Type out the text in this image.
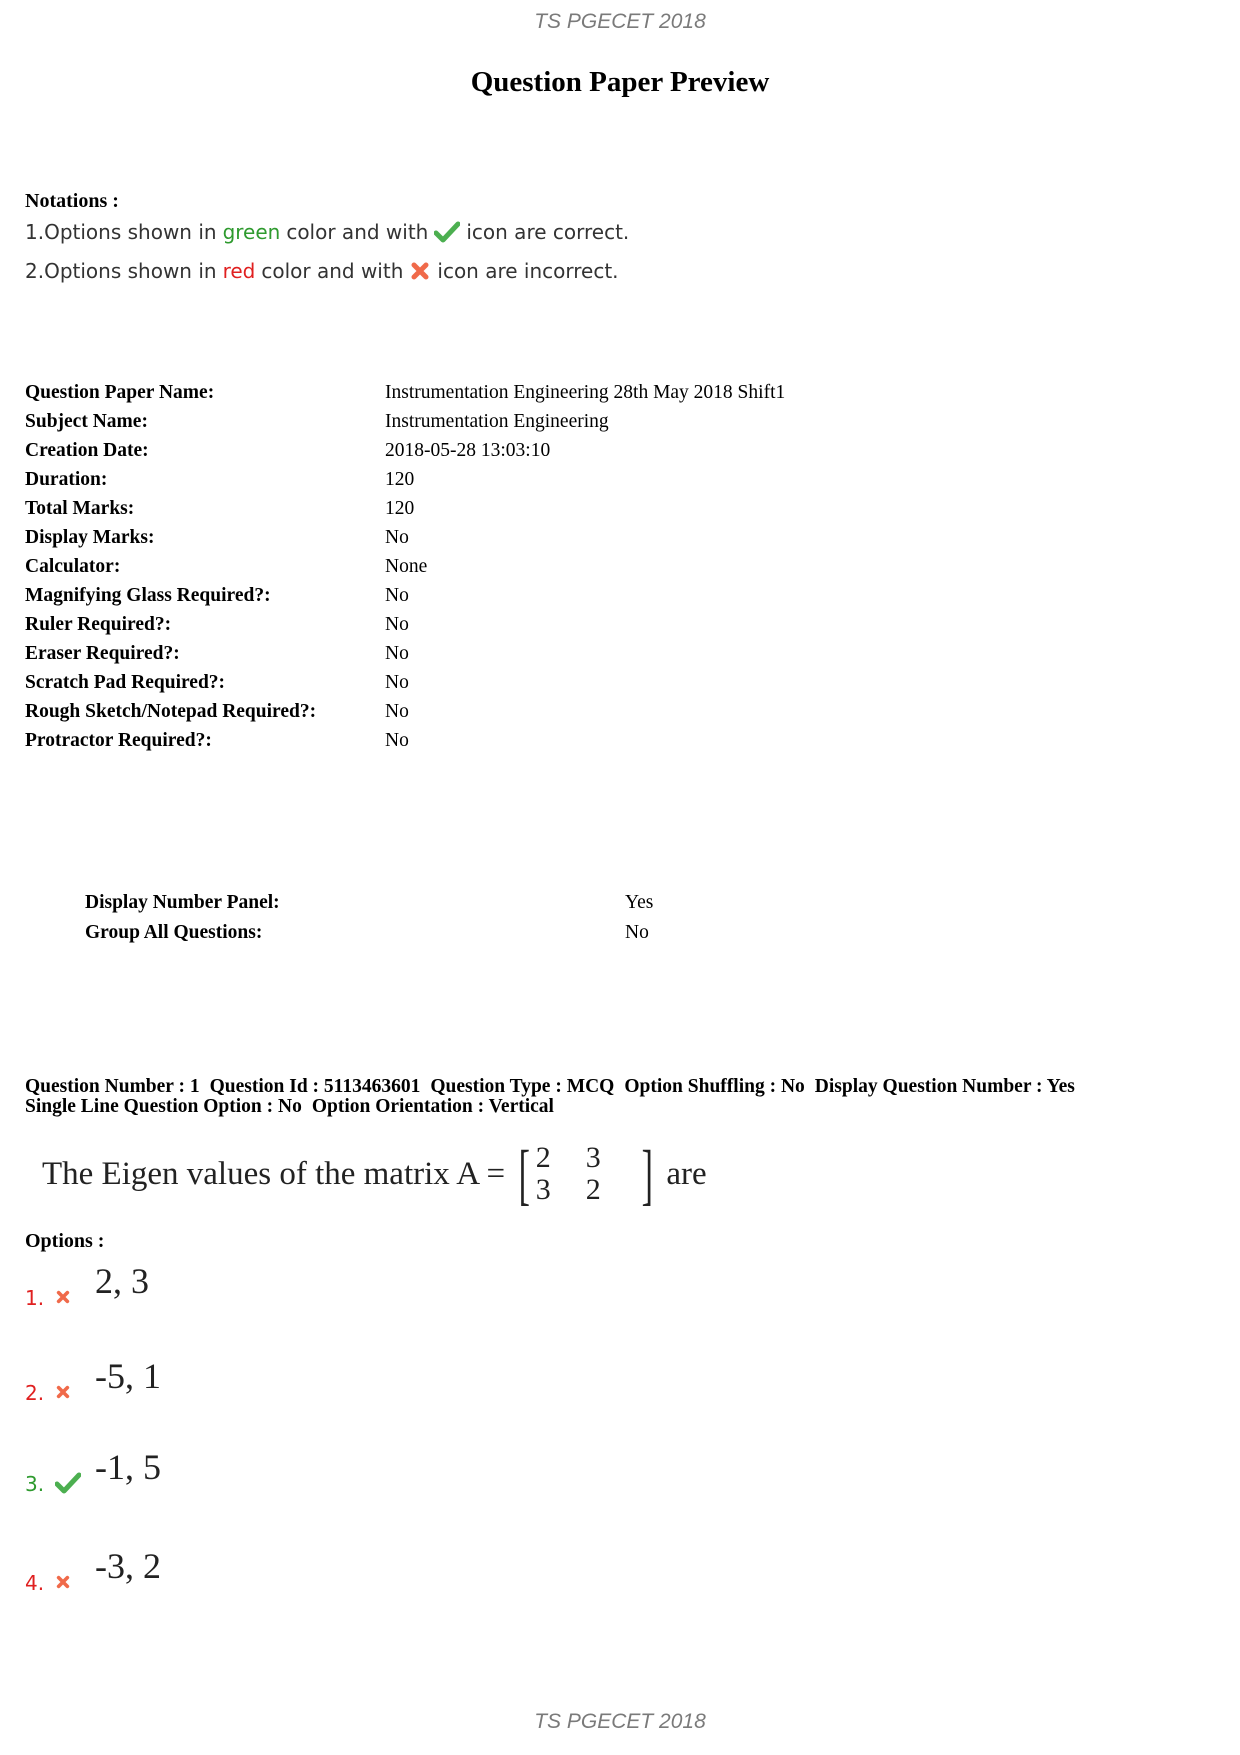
TS PGECET 2018
Question Paper Preview
Notations :
1.Options shown in green color and with icon are correct.
2.Options shown in red color and with icon are incorrect.
Question Paper Name:	Instrumentation Engineering 28th May 2018 Shift1
Subject Name:	Instrumentation Engineering
Creation Date:	2018-05-28 13:03:10
Duration:	120
Total Marks:	120
Display Marks:	No
Calculator:	None
Magnifying Glass Required?:	No
Ruler Required?:	No
Eraser Required?:	No
Scratch Pad Required?:	No
Rough Sketch/Notepad Required?:	No
Protractor Required?:	No
Display Number Panel:	Yes
Group All Questions:	No
Question Number : 1 Question Id : 5113463601 Question Type : MCQ Option Shuffling : No Display Question Number : Yes
Single Line Question Option : No Option Orientation : Vertical
The Eigen values of the matrix A = [ 2	3
3	2 ] are
Options :
1.	2, 3
2.	-5, 1
3.	-1, 5
4.	-3, 2
TS PGECET 2018
